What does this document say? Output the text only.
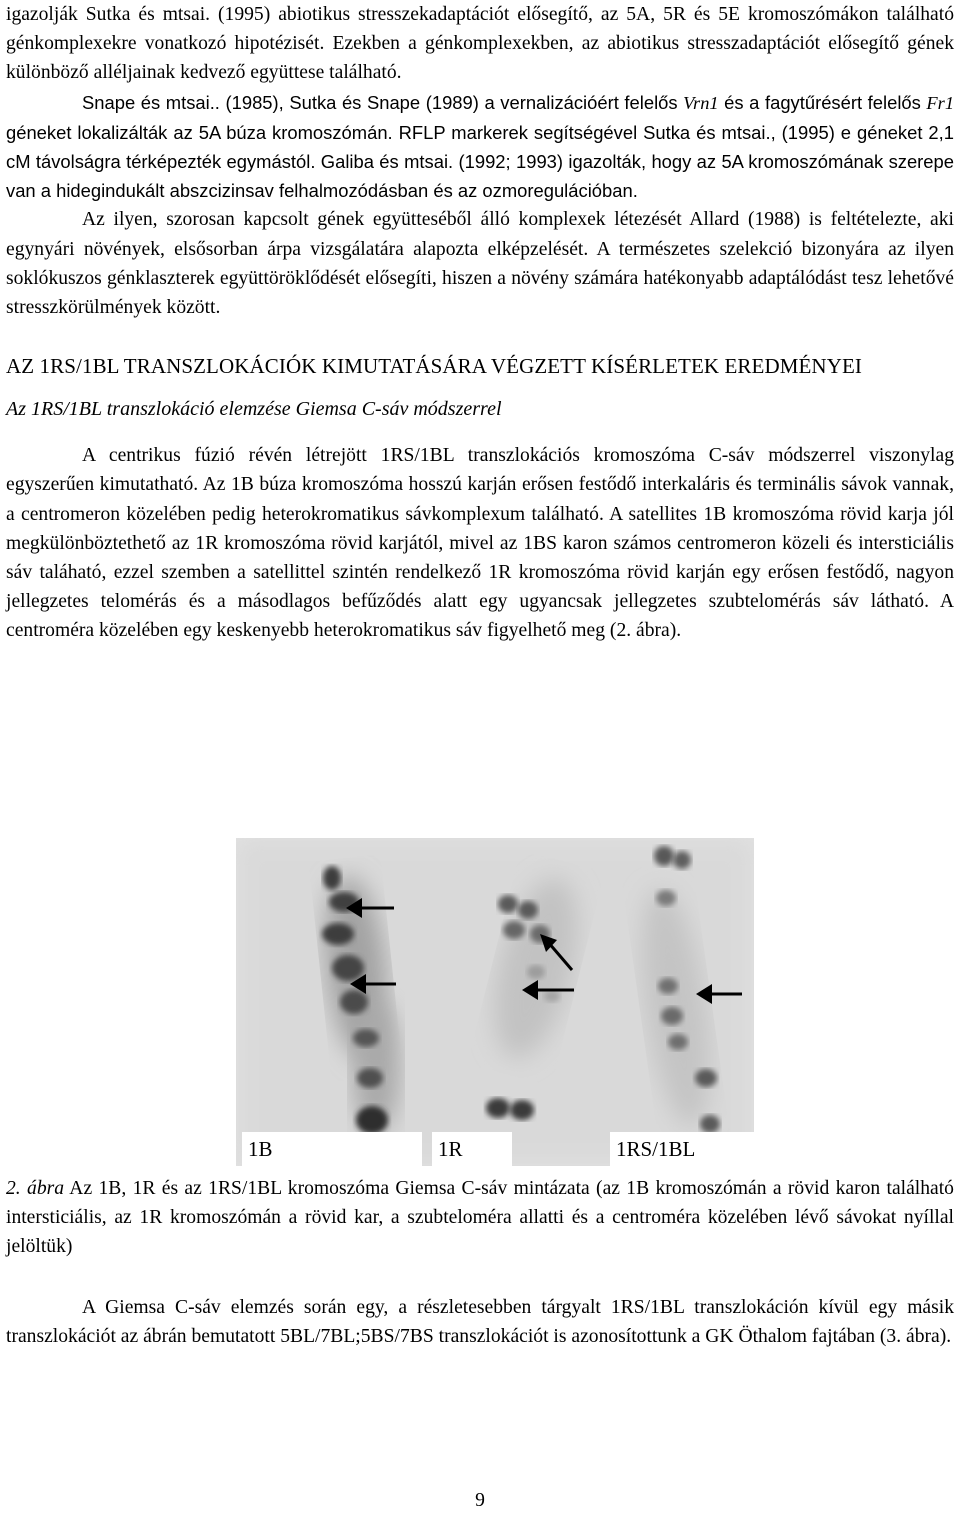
igazolják Sutka és mtsai. (1995) abiotikus stresszekadaptációt elősegítő, az 5A, 5R és 5E kromoszómákon található génkomplexekre vonatkozó hipotézisét. Ezekben a génkomplexekben, az abiotikus stresszadaptációt elősegítő gének különböző alléljainak kedvező együttese található.

Snape és mtsai.. (1985), Sutka és Snape (1989) a vernalizációért felelős Vrn1 és a fagytűrésért felelős Fr1 géneket lokalizálták az 5A búza kromoszómán. RFLP markerek segítségével Sutka és mtsai., (1995) e géneket 2,1 cM távolságra térképezték egymástól. Galiba és mtsai. (1992; 1993) igazolták, hogy az 5A kromoszómának szerepe van a hidegindukált abszcizinsav felhalmozódásban és az ozmoregulációban.

Az ilyen, szorosan kapcsolt gének együtteséből álló komplexek létezését Allard (1988) is feltételezte, aki egynyári növények, elsősorban árpa vizsgálatára alapozta elképzelését. A természetes szelekció bizonyára az ilyen soklókuszos génklaszterek együttöröklődését elősegíti, hiszen a növény számára hatékonyabb adaptálódást tesz lehetővé stresszkörülmények között.

AZ 1RS/1BL TRANSZLOKÁCIÓK KIMUTATÁSÁRA VÉGZETT KÍSÉRLETEK EREDMÉNYEI
Az 1RS/1BL transzlokáció elemzése Giemsa C-sáv módszerrel

A centrikus fúzió révén létrejött 1RS/1BL transzlokációs kromoszóma C-sáv módszerrel viszonylag egyszerűen kimutatható. Az 1B búza kromoszóma hosszú karján erősen festődő interkaláris és terminális sávok vannak, a centromeron közelében pedig heterokromatikus sávkomplexum található. A satellites 1B kromoszóma rövid karja jól megkülönböztethető az 1R kromoszóma rövid karjától, mivel az 1BS karon számos centromeron közeli és intersticiális sáv taláható, ezzel szemben a satellittel szintén rendelkező 1R kromoszóma rövid karján egy erősen festődő, nagyon jellegzetes telomérás és a másodlagos befűződés alatt egy ugyancsak jellegzetes szubtelomérás sáv látható. A centroméra közelében egy keskenyebb heterokromatikus sáv figyelhető meg (2. ábra).

1B	1R	1RS/1BL

2. ábra Az 1B, 1R és az 1RS/1BL kromoszóma Giemsa C-sáv mintázata (az 1B kromoszómán a rövid karon található intersticiális, az 1R kromoszómán a rövid kar, a szubteloméra allatti és a centroméra közelében lévő sávokat nyíllal jelöltük)

A Giemsa C-sáv elemzés során egy, a részletesebben tárgyalt 1RS/1BL transzlokáción kívül egy másik transzlokációt az ábrán bemutatott 5BL/7BL;5BS/7BS transzlokációt is azonosítottunk a GK Öthalom fajtában (3. ábra).

9
